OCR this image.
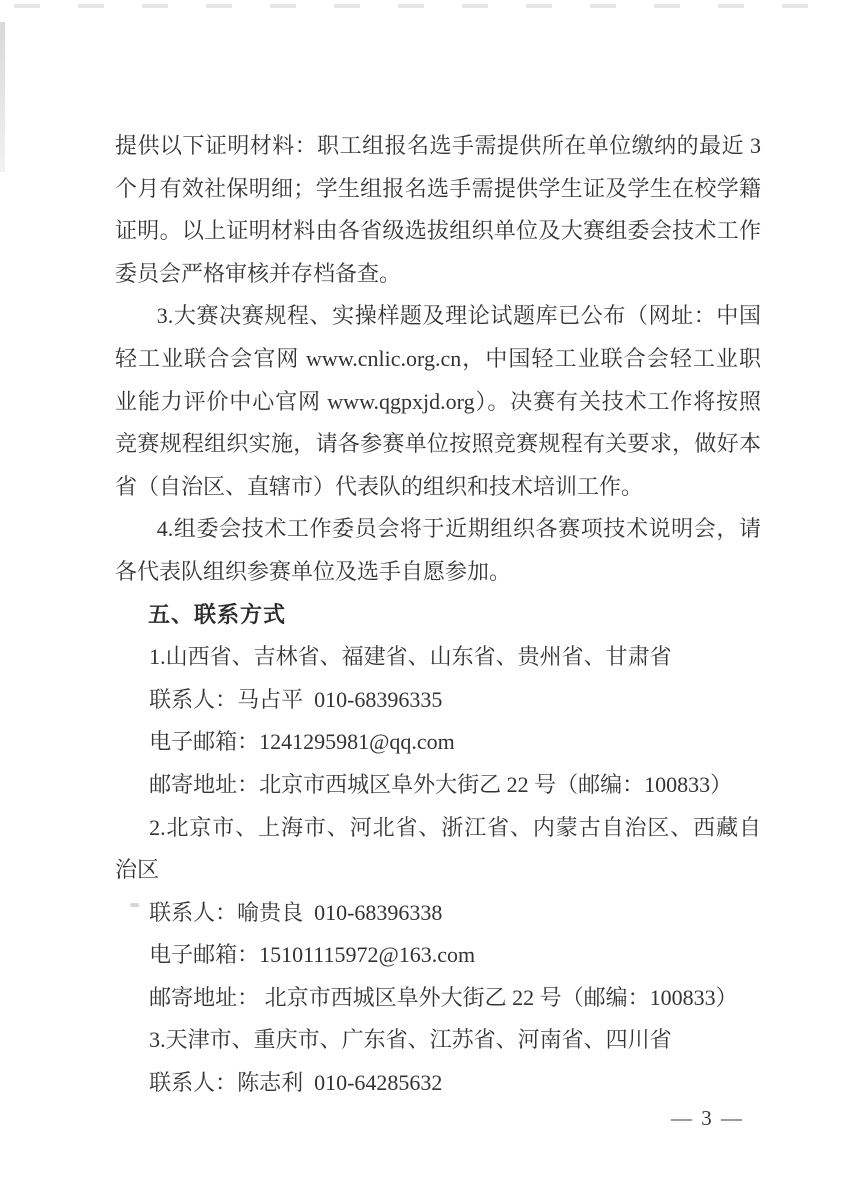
提供以下证明材料：职工组报名选手需提供所在单位缴纳的最近 3
个月有效社保明细；学生组报名选手需提供学生证及学生在校学籍
证明。以上证明材料由各省级选拔组织单位及大赛组委会技术工作
委员会严格审核并存档备查。
3.大赛决赛规程、实操样题及理论试题库已公布（网址：中国
轻工业联合会官网 www.cnlic.org.cn，中国轻工业联合会轻工业职
业能力评价中心官网 www.qgpxjd.org）。决赛有关技术工作将按照
竞赛规程组织实施，请各参赛单位按照竞赛规程有关要求，做好本
省（自治区、直辖市）代表队的组织和技术培训工作。
4.组委会技术工作委员会将于近期组织各赛项技术说明会，请
各代表队组织参赛单位及选手自愿参加。
五、联系方式
1.山西省、吉林省、福建省、山东省、贵州省、甘肃省
联系人：马占平  010-68396335
电子邮箱：1241295981@qq.com
邮寄地址：北京市西城区阜外大街乙 22 号（邮编：100833）
2.北京市、上海市、河北省、浙江省、内蒙古自治区、西藏自
治区
联系人：喻贵良  010-68396338
电子邮箱：15101115972@163.com
邮寄地址： 北京市西城区阜外大街乙 22 号（邮编：100833）
3.天津市、重庆市、广东省、江苏省、河南省、四川省
联系人：陈志利  010-64285632
— 3 —
